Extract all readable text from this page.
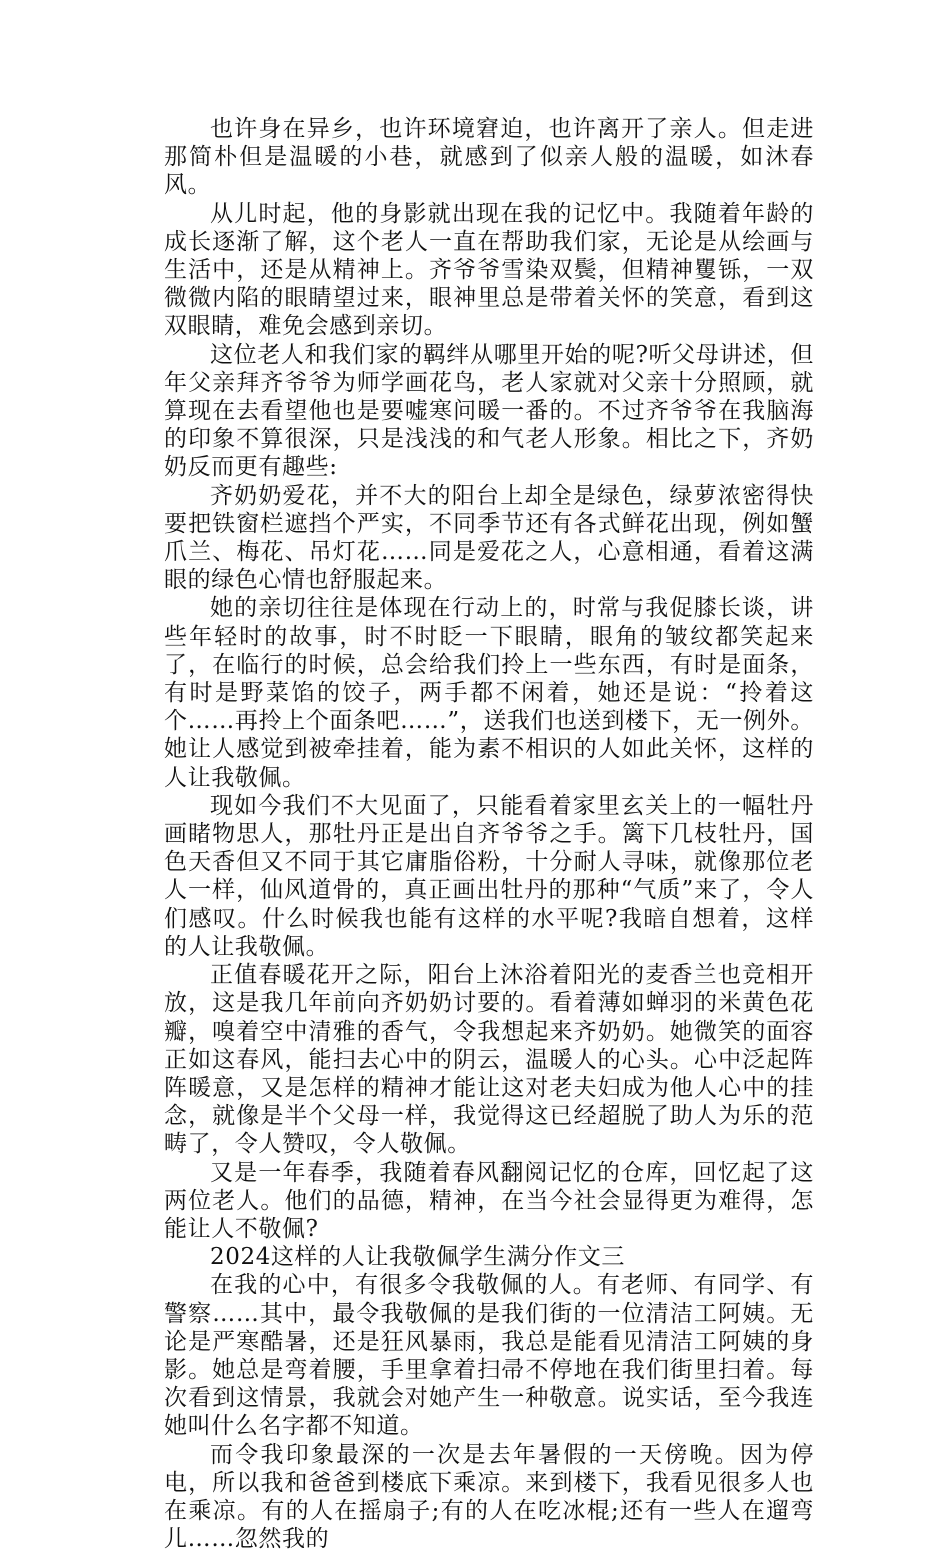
也许身在异乡，也许环境窘迫，也许离开了亲人。但走进那简朴但是温暖的小巷，就感到了似亲人般的温暖，如沐春风。

从儿时起，他的身影就出现在我的记忆中。我随着年龄的成长逐渐了解，这个老人一直在帮助我们家，无论是从绘画与生活中，还是从精神上。齐爷爷雪染双鬓，但精神矍铄，一双微微内陷的眼睛望过来，眼神里总是带着关怀的笑意，看到这双眼睛，难免会感到亲切。

这位老人和我们家的羁绊从哪里开始的呢?听父母讲述，但年父亲拜齐爷爷为师学画花鸟，老人家就对父亲十分照顾，就算现在去看望他也是要嘘寒问暖一番的。不过齐爷爷在我脑海的印象不算很深，只是浅浅的和气老人形象。相比之下，齐奶奶反而更有趣些:

齐奶奶爱花，并不大的阳台上却全是绿色，绿萝浓密得快要把铁窗栏遮挡个严实，不同季节还有各式鲜花出现，例如蟹爪兰、梅花、吊灯花……同是爱花之人，心意相通，看着这满眼的绿色心情也舒服起来。

她的亲切往往是体现在行动上的，时常与我促膝长谈，讲些年轻时的故事，时不时眨一下眼睛，眼角的皱纹都笑起来了，在临行的时候，总会给我们拎上一些东西，有时是面条，有时是野菜馅的饺子，两手都不闲着，她还是说：“拎着这个……再拎上个面条吧……”，送我们也送到楼下，无一例外。她让人感觉到被牵挂着，能为素不相识的人如此关怀，这样的人让我敬佩。

现如今我们不大见面了，只能看着家里玄关上的一幅牡丹画睹物思人，那牡丹正是出自齐爷爷之手。篱下几枝牡丹，国色天香但又不同于其它庸脂俗粉，十分耐人寻味，就像那位老人一样，仙风道骨的，真正画出牡丹的那种“气质”来了，令人们感叹。什么时候我也能有这样的水平呢?我暗自想着，这样的人让我敬佩。

正值春暖花开之际，阳台上沐浴着阳光的麦香兰也竞相开放，这是我几年前向齐奶奶讨要的。看着薄如蝉羽的米黄色花瓣，嗅着空中清雅的香气，令我想起来齐奶奶。她微笑的面容正如这春风，能扫去心中的阴云，温暖人的心头。心中泛起阵阵暖意，又是怎样的精神才能让这对老夫妇成为他人心中的挂念，就像是半个父母一样，我觉得这已经超脱了助人为乐的范畴了，令人赞叹，令人敬佩。

又是一年春季，我随着春风翻阅记忆的仓库，回忆起了这两位老人。他们的品德，精神，在当今社会显得更为难得，怎能让人不敬佩?

2024这样的人让我敬佩学生满分作文三

在我的心中，有很多令我敬佩的人。有老师、有同学、有警察……其中，最令我敬佩的是我们街的一位清洁工阿姨。无论是严寒酷暑，还是狂风暴雨，我总是能看见清洁工阿姨的身影。她总是弯着腰，手里拿着扫帚不停地在我们街里扫着。每次看到这情景，我就会对她产生一种敬意。说实话，至今我连她叫什么名字都不知道。

而令我印象最深的一次是去年暑假的一天傍晚。因为停电，所以我和爸爸到楼底下乘凉。来到楼下，我看见很多人也在乘凉。有的人在摇扇子;有的人在吃冰棍;还有一些人在遛弯儿……忽然我的
